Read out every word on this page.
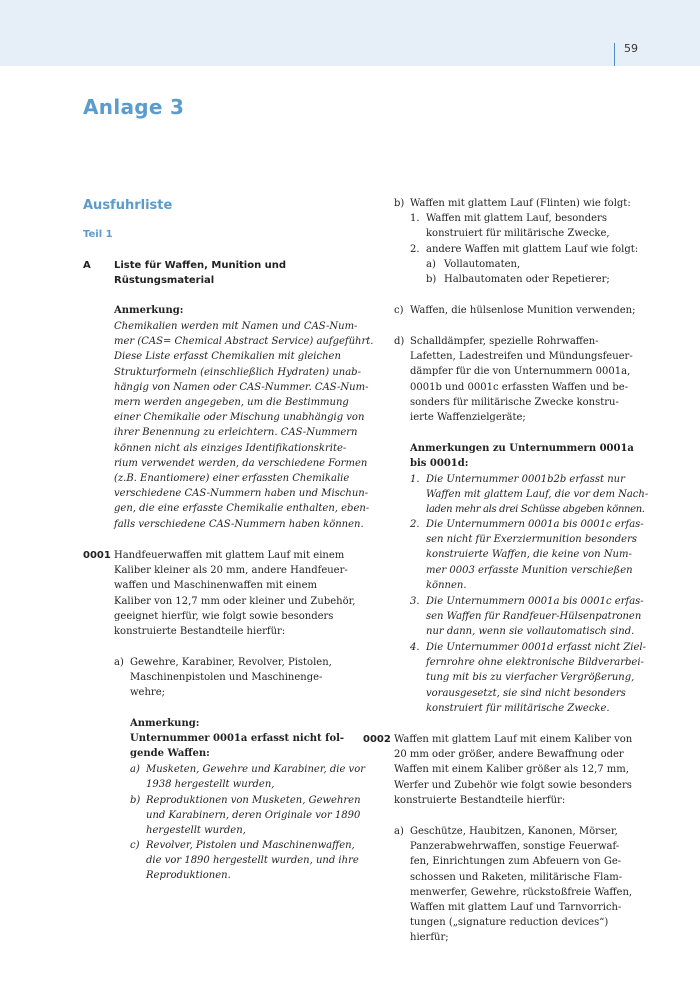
59
Anlage 3
Ausfuhrliste
Teil 1
A Liste für Waffen, Munition und
Rüstungsmaterial
Anmerkung:
Chemikalien werden mit Namen und CAS-Num-
mer (CAS= Chemical Abstract Service) aufgeführt.
Diese Liste erfasst Chemikalien mit gleichen
Strukturformeln (einschließlich Hydraten) unab-
hängig von Namen oder CAS-Nummer. CAS-Num-
mern werden angegeben, um die Bestimmung
einer Chemikalie oder Mischung unabhängig von
ihrer Benennung zu erleichtern. CAS-Nummern
können nicht als einziges Identifikationskrite-
rium verwendet werden, da verschiedene Formen
(z.B. Enantiomere) einer erfassten Chemikalie
verschiedene CAS-Nummern haben und Mischun-
gen, die eine erfasste Chemikalie enthalten, eben-
falls verschiedene CAS-Nummern haben können.
0001 Handfeuerwaffen mit glattem Lauf mit einem
Kaliber kleiner als 20 mm, andere Handfeuer-
waffen und Maschinenwaffen mit einem
Kaliber von 12,7 mm oder kleiner und Zubehör,
geeignet hierfür, wie folgt sowie besonders
konstruierte Bestandteile hierfür:
a) Gewehre, Karabiner, Revolver, Pistolen,
Maschinenpistolen und Maschinenge-
wehre;
Anmerkung:
Unternummer 0001a erfasst nicht fol-
gende Waffen:
a) Musketen, Gewehre und Karabiner, die vor
1938 hergestellt wurden,
b) Reproduktionen von Musketen, Gewehren
und Karabinern, deren Originale vor 1890
hergestellt wurden,
c) Revolver, Pistolen und Maschinenwaffen,
die vor 1890 hergestellt wurden, und ihre
Reproduktionen.
b) Waffen mit glattem Lauf (Flinten) wie folgt:
1. Waffen mit glattem Lauf, besonders
konstruiert für militärische Zwecke,
2. andere Waffen mit glattem Lauf wie folgt:
a) Vollautomaten,
b) Halbautomaten oder Repetierer;
c) Waffen, die hülsenlose Munition verwenden;
d) Schalldämpfer, spezielle Rohrwaffen-
Lafetten, Ladestreifen und Mündungsfeuer-
dämpfer für die von Unternummern 0001a,
0001b und 0001c erfassten Waffen und be-
sonders für militärische Zwecke konstru-
ierte Waffenzielgeräte;
Anmerkungen zu Unternummern 0001a
bis 0001d:
1. Die Unternummer 0001b2b erfasst nur
Waffen mit glattem Lauf, die vor dem Nach-
laden mehr als drei Schüsse abgeben können.
2. Die Unternummern 0001a bis 0001c erfas-
sen nicht für Exerziermunition besonders
konstruierte Waffen, die keine von Num-
mer 0003 erfasste Munition verschießen
können.
3. Die Unternummern 0001a bis 0001c erfas-
sen Waffen für Randfeuer-Hülsenpatronen
nur dann, wenn sie vollautomatisch sind.
4. Die Unternummer 0001d erfasst nicht Ziel-
fernrohre ohne elektronische Bildverarbei-
tung mit bis zu vierfacher Vergrößerung,
vorausgesetzt, sie sind nicht besonders
konstruiert für militärische Zwecke.
0002 Waffen mit glattem Lauf mit einem Kaliber von
20 mm oder größer, andere Bewaffnung oder
Waffen mit einem Kaliber größer als 12,7 mm,
Werfer und Zubehör wie folgt sowie besonders
konstruierte Bestandteile hierfür:
a) Geschütze, Haubitzen, Kanonen, Mörser,
Panzerabwehrwaffen, sonstige Feuerwaf-
fen, Einrichtungen zum Abfeuern von Ge-
schossen und Raketen, militärische Flam-
menwerfer, Gewehre, rückstoßfreie Waffen,
Waffen mit glattem Lauf und Tarnvorrich-
tungen („signature reduction devices“)
hierfür;
